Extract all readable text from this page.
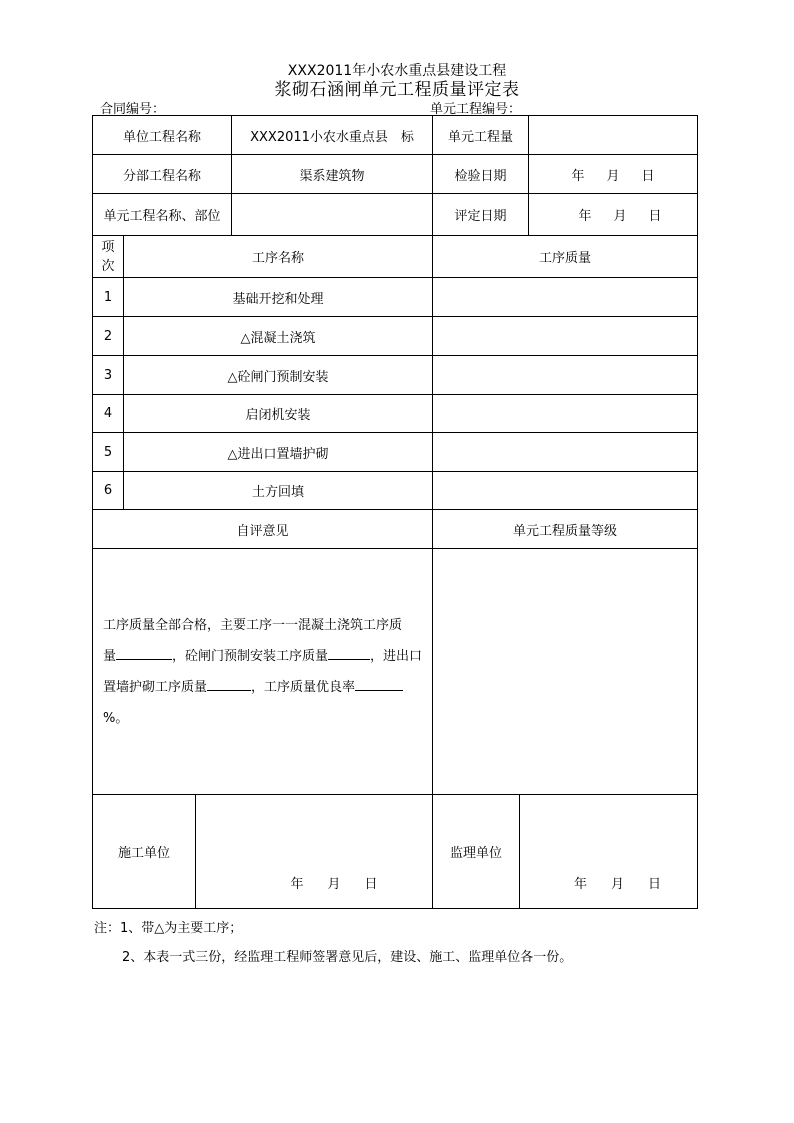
XXX2011年小农水重点县建设工程
浆砌石涵闸单元工程质量评定表
合同编号：	单元工程编号：
单位工程名称			XXX2011小农水重点县　标	单元工程量		
分部工程名称			渠系建筑物	检验日期		年 月 日

单元工程名称、部位				评定日期		年 月 日

项次	工序名称			工序质量		
1	基础开挖和处理					
2	△混凝土浇筑					
3	△砼闸门预制安装					
4	启闭机安装					
5	△进出口置墙护砌					
6	土方回填					
自评意见				单元工程质量等级		

工序质量全部合格，主要工序一一混凝土浇筑工序质
量 ，砼闸门预制安装工序质量 ，进出口
置墙护砌工序质量 ，工序质量优良率%。						

施工单位		年 月 日		监理单位	年 月 日	
注：1、带△为主要工序；
2、本表一式三份，经监理工程师签署意见后，建设、施工、监理单位各一份。
